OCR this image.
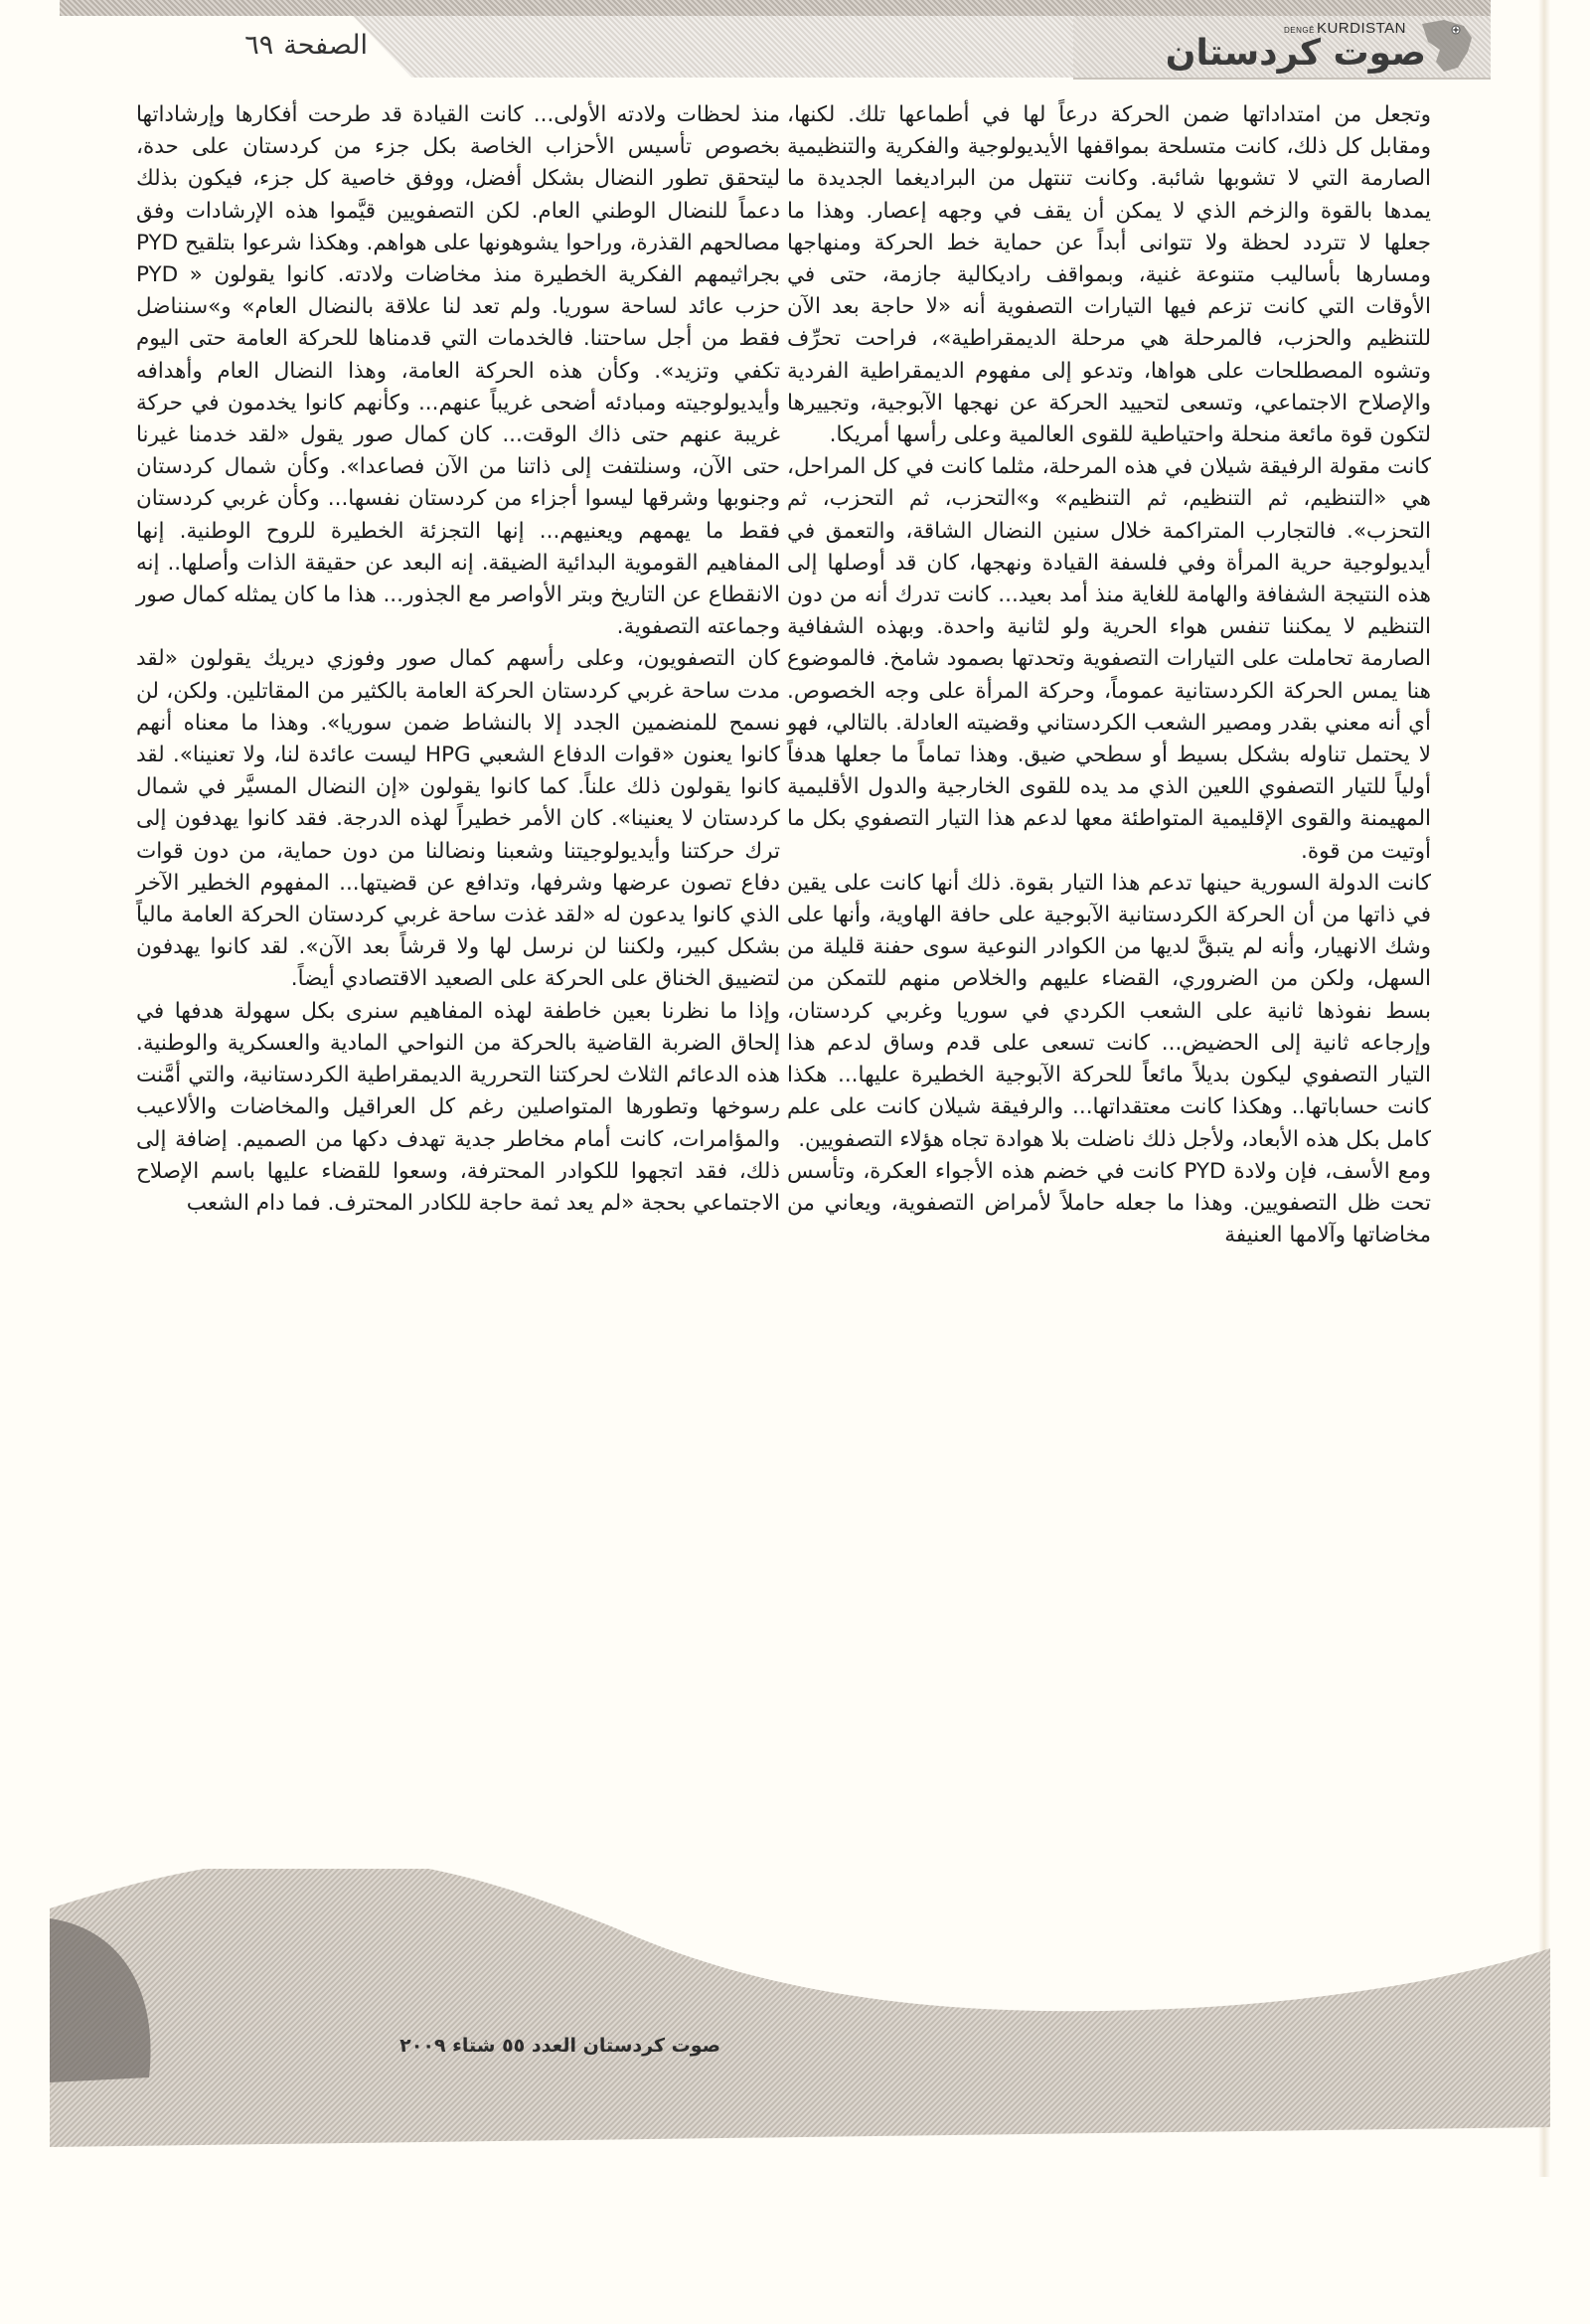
DENGÊ KURDISTAN
صوت كردستان
الصفحة٦٩

وتجعل من امتداداتها ضمن الحركة درعاً لها في أطماعها تلك. لكنها، ومقابل كل ذلك، كانت متسلحة بمواقفها الأيديولوجية والفكرية والتنظيمية الصارمة التي لا تشوبها شائبة. وكانت تنتهل من البراديغما الجديدة ما يمدها بالقوة والزخم الذي لا يمكن أن يقف في وجهه إعصار. وهذا ما جعلها لا تتردد لحظة ولا تتوانى أبداً عن حماية خط الحركة ومنهاجها ومسارها بأساليب متنوعة غنية، وبمواقف راديكالية جازمة، حتى في الأوقات التي كانت تزعم فيها التيارات التصفوية أنه «لا حاجة بعد الآن للتنظيم والحزب، فالمرحلة هي مرحلة الديمقراطية»، فراحت تحرِّف وتشوه المصطلحات على هواها، وتدعو إلى مفهوم الديمقراطية الفردية والإصلاح الاجتماعي، وتسعى لتحييد الحركة عن نهجها الآبوجية، وتجييرها لتكون قوة مائعة منحلة واحتياطية للقوى العالمية وعلى رأسها أمريكا.

كانت مقولة الرفيقة شيلان في هذه المرحلة، مثلما كانت في كل المراحل، هي «التنظيم، ثم التنظيم، ثم التنظيم» و»التحزب، ثم التحزب، ثم التحزب». فالتجارب المتراكمة خلال سنين النضال الشاقة، والتعمق في أيديولوجية حرية المرأة وفي فلسفة القيادة ونهجها، كان قد أوصلها إلى هذه النتيجة الشفافة والهامة للغاية منذ أمد بعيد... كانت تدرك أنه من دون التنظيم لا يمكننا تنفس هواء الحرية ولو لثانية واحدة. وبهذه الشفافية الصارمة تحاملت على التيارات التصفوية وتحدتها بصمود شامخ. فالموضوع هنا يمس الحركة الكردستانية عموماً، وحركة المرأة على وجه الخصوص. أي أنه معني بقدر ومصير الشعب الكردستاني وقضيته العادلة. بالتالي، فهو لا يحتمل تناوله بشكل بسيط أو سطحي ضيق. وهذا تماماً ما جعلها هدفاً أولياً للتيار التصفوي اللعين الذي مد يده للقوى الخارجية والدول الأقليمية المهيمنة والقوى الإقليمية المتواطئة معها لدعم هذا التيار التصفوي بكل ما أوتيت من قوة.

كانت الدولة السورية حينها تدعم هذا التيار بقوة. ذلك أنها كانت على يقين في ذاتها من أن الحركة الكردستانية الآبوجية على حافة الهاوية، وأنها على وشك الانهيار، وأنه لم يتبقَّ لديها من الكوادر النوعية سوى حفنة قليلة من السهل، ولكن من الضروري، القضاء عليهم والخلاص منهم للتمكن من بسط نفوذها ثانية على الشعب الكردي في سوريا وغربي كردستان، وإرجاعه ثانية إلى الحضيض... كانت تسعى على قدم وساق لدعم هذا التيار التصفوي ليكون بديلاً مائعاً للحركة الآبوجية الخطيرة عليها... هكذا كانت حساباتها.. وهكذا كانت معتقداتها... والرفيقة شيلان كانت على علم كامل بكل هذه الأبعاد، ولأجل ذلك ناضلت بلا هوادة تجاه هؤلاء التصفويين.

ومع الأسف، فإن ولادة PYD كانت في خضم هذه الأجواء العكرة، وتأسس تحت ظل التصفويين. وهذا ما جعله حاملاً لأمراض التصفوية، ويعاني من مخاضاتها وآلامها العنيفة

منذ لحظات ولادته الأولى... كانت القيادة قد طرحت أفكارها وإرشاداتها بخصوص تأسيس الأحزاب الخاصة بكل جزء من كردستان على حدة، ليتحقق تطور النضال بشكل أفضل، ووفق خاصية كل جزء، فيكون بذلك دعماً للنضال الوطني العام. لكن التصفويين قيَّموا هذه الإرشادات وفق مصالحهم القذرة، وراحوا يشوهونها على هواهم. وهكذا شرعوا بتلقيح PYD بجراثيمهم الفكرية الخطيرة منذ مخاضات ولادته. كانوا يقولون « PYD حزب عائد لساحة سوريا. ولم تعد لنا علاقة بالنضال العام» و»سنناضل فقط من أجل ساحتنا. فالخدمات التي قدمناها للحركة العامة حتى اليوم تكفي وتزيد». وكأن هذه الحركة العامة، وهذا النضال العام وأهدافه وأيديولوجيته ومبادئه أضحى غريباً عنهم... وكأنهم كانوا يخدمون في حركة غريبة عنهم حتى ذاك الوقت... كان كمال صور يقول «لقد خدمنا غيرنا حتى الآن، وسنلتفت إلى ذاتنا من الآن فصاعدا». وكأن شمال كردستان وجنوبها وشرقها ليسوا أجزاء من كردستان نفسها... وكأن غربي كردستان فقط ما يهمهم ويعنيهم... إنها التجزئة الخطيرة للروح الوطنية. إنها المفاهيم القوموية البدائية الضيقة. إنه البعد عن حقيقة الذات وأصلها.. إنه الانقطاع عن التاريخ وبتر الأواصر مع الجذور... هذا ما كان يمثله كمال صور وجماعته التصفوية.

كان التصفويون، وعلى رأسهم كمال صور وفوزي ديريك يقولون «لقد مدت ساحة غربي كردستان الحركة العامة بالكثير من المقاتلين. ولكن، لن نسمح للمنضمين الجدد إلا بالنشاط ضمن سوريا». وهذا ما معناه أنهم كانوا يعنون «قوات الدفاع الشعبي HPG ليست عائدة لنا، ولا تعنينا». لقد كانوا يقولون ذلك علناً. كما كانوا يقولون «إن النضال المسيَّر في شمال كردستان لا يعنينا». كان الأمر خطيراً لهذه الدرجة. فقد كانوا يهدفون إلى ترك حركتنا وأيديولوجيتنا وشعبنا ونضالنا من دون حماية، من دون قوات دفاع تصون عرضها وشرفها، وتدافع عن قضيتها... المفهوم الخطير الآخر الذي كانوا يدعون له «لقد غذت ساحة غربي كردستان الحركة العامة مالياً بشكل كبير، ولكننا لن نرسل لها ولا قرشاً بعد الآن». لقد كانوا يهدفون لتضييق الخناق على الحركة على الصعيد الاقتصادي أيضاً.

وإذا ما نظرنا بعين خاطفة لهذه المفاهيم سنرى بكل سهولة هدفها في إلحاق الضربة القاضية بالحركة من النواحي المادية والعسكرية والوطنية. هذه الدعائم الثلاث لحركتنا التحررية الديمقراطية الكردستانية، والتي أمَّنت رسوخها وتطورها المتواصلين رغم كل العراقيل والمخاضات والألاعيب والمؤامرات، كانت أمام مخاطر جدية تهدف دكها من الصميم. إضافة إلى ذلك، فقد اتجهوا للكوادر المحترفة، وسعوا للقضاء عليها باسم الإصلاح الاجتماعي بحجة «لم يعد ثمة حاجة للكادر المحترف. فما دام الشعب

صوت كردستان العدد ٥٥ شتاء ٢٠٠٩
